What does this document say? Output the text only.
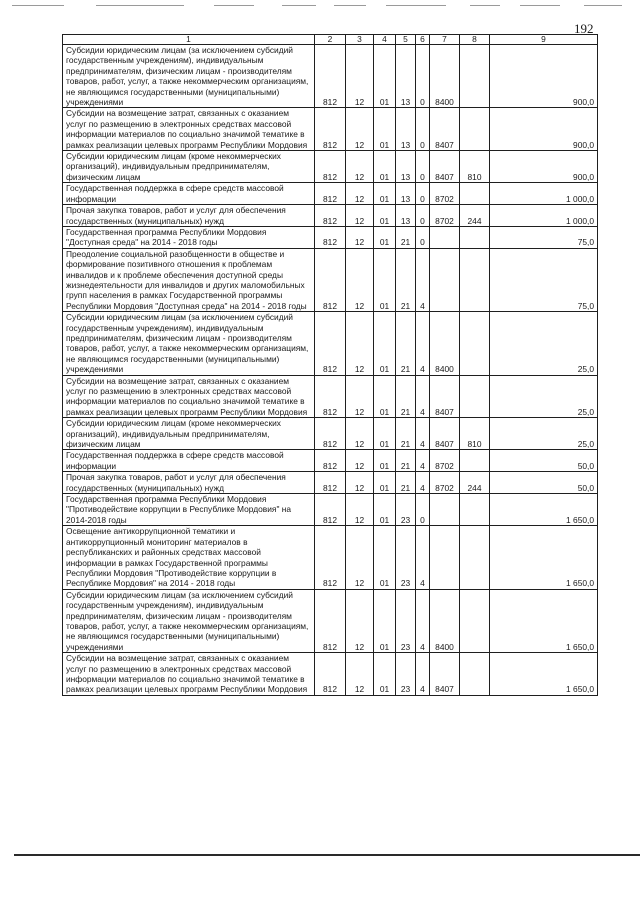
192
1	2	3	4	5	6	7	8	9
Субсидии юридическим лицам (за исключением субсидий государственным учреждениям), индивидуальным предпринимателям, физическим лицам - производителям товаров, работ, услуг, а также некоммерческим организациям, не являющимся государственными (муниципальными) учреждениями	812	12	01	13	0	8400		900,0
Субсидии на возмещение затрат, связанных с оказанием услуг по размещению в электронных средствах массовой информации материалов по социально значимой тематике в рамках реализации целевых программ Республики Мордовия	812	12	01	13	0	8407		900,0
Субсидии юридическим лицам (кроме некоммерческих организаций), индивидуальным предпринимателям, физическим лицам	812	12	01	13	0	8407	810	900,0
Государственная поддержка в сфере средств массовой информации	812	12	01	13	0	8702		1 000,0
Прочая закупка товаров, работ и услуг для обеспечения государственных (муниципальных) нужд	812	12	01	13	0	8702	244	1 000,0
Государственная программа Республики Мордовия "Доступная среда" на 2014 - 2018 годы	812	12	01	21	0			75,0
Преодоление социальной разобщенности в обществе и формирование позитивного отношения к проблемам инвалидов и к проблеме обеспечения доступной среды жизнедеятельности для инвалидов и других маломобильных групп населения в рамках Государственной программы Республики Мордовия "Доступная среда" на 2014 - 2018 годы	812	12	01	21	4			75,0
Субсидии юридическим лицам (за исключением субсидий государственным учреждениям), индивидуальным предпринимателям, физическим лицам - производителям товаров, работ, услуг, а также некоммерческим организациям, не являющимся государственными (муниципальными) учреждениями	812	12	01	21	4	8400		25,0
Субсидии на возмещение затрат, связанных с оказанием услуг по размещению в электронных средствах массовой информации материалов по социально значимой тематике в рамках реализации целевых программ Республики Мордовия	812	12	01	21	4	8407		25,0
Субсидии юридическим лицам (кроме некоммерческих организаций), индивидуальным предпринимателям, физическим лицам	812	12	01	21	4	8407	810	25,0
Государственная поддержка в сфере средств массовой информации	812	12	01	21	4	8702		50,0
Прочая закупка товаров, работ и услуг для обеспечения государственных (муниципальных) нужд	812	12	01	21	4	8702	244	50,0
Государственная программа Республики Мордовия "Противодействие коррупции в Республике Мордовия" на 2014-2018 годы	812	12	01	23	0			1 650,0
Освещение антикоррупционной тематики и антикоррупционный мониторинг материалов в республиканских и районных средствах массовой информации в рамках Государственной программы Республики Мордовия "Противодействие коррупции в Республике Мордовия" на 2014 - 2018 годы	812	12	01	23	4			1 650,0
Субсидии юридическим лицам (за исключением субсидий государственным учреждениям), индивидуальным предпринимателям, физическим лицам - производителям товаров, работ, услуг, а также некоммерческим организациям, не являющимся государственными (муниципальными) учреждениями	812	12	01	23	4	8400		1 650,0
Субсидии на возмещение затрат, связанных с оказанием услуг по размещению в электронных средствах массовой информации материалов по социально значимой тематике в рамках реализации целевых программ Республики Мордовия	812	12	01	23	4	8407		1 650,0
